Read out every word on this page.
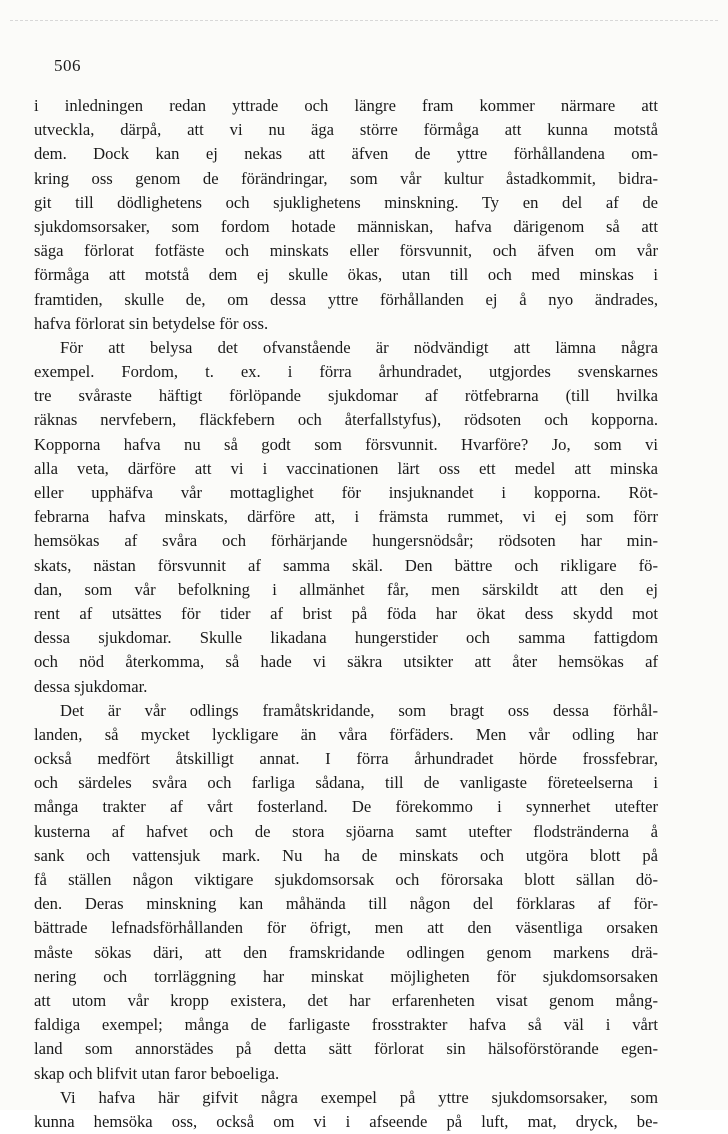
506
i inledningen redan yttrade och längre fram kommer närmare att
utveckla, därpå, att vi nu äga större förmåga att kunna motstå
dem. Dock kan ej nekas att äfven de yttre förhållandena om-
kring oss genom de förändringar, som vår kultur åstadkommit, bidra-
git till dödlighetens och sjuklighetens minskning. Ty en del af de
sjukdomsorsaker, som fordom hotade människan, hafva därigenom så att
säga förlorat fotfäste och minskats eller försvunnit, och äfven om vår
förmåga att motstå dem ej skulle ökas, utan till och med minskas i
framtiden, skulle de, om dessa yttre förhållanden ej å nyo ändrades,
hafva förlorat sin betydelse för oss.
För att belysa det ofvanstående är nödvändigt att lämna några
exempel. Fordom, t. ex. i förra århundradet, utgjordes svenskarnes
tre svåraste häftigt förlöpande sjukdomar af rötfebrarna (till hvilka
räknas nervfebern, fläckfebern och återfallstyfus), rödsoten och kopporna.
Kopporna hafva nu så godt som försvunnit. Hvarföre? Jo, som vi
alla veta, därföre att vi i vaccinationen lärt oss ett medel att minska
eller upphäfva vår mottaglighet för insjuknandet i kopporna. Röt-
febrarna hafva minskats, därföre att, i främsta rummet, vi ej som förr
hemsökas af svåra och förhärjande hungersnödsår; rödsoten har min-
skats, nästan försvunnit af samma skäl. Den bättre och rikligare fö-
dan, som vår befolkning i allmänhet får, men särskildt att den ej
rent af utsättes för tider af brist på föda har ökat dess skydd mot
dessa sjukdomar. Skulle likadana hungerstider och samma fattigdom
och nöd återkomma, så hade vi säkra utsikter att åter hemsökas af
dessa sjukdomar.
Det är vår odlings framåtskridande, som bragt oss dessa förhål-
landen, så mycket lyckligare än våra förfäders. Men vår odling har
också medfört åtskilligt annat. I förra århundradet hörde frossfebrar,
och särdeles svåra och farliga sådana, till de vanligaste företeelserna i
många trakter af vårt fosterland. De förekommo i synnerhet utefter
kusterna af hafvet och de stora sjöarna samt utefter flodstränderna å
sank och vattensjuk mark. Nu ha de minskats och utgöra blott på
få ställen någon viktigare sjukdomsorsak och förorsaka blott sällan dö-
den. Deras minskning kan måhända till någon del förklaras af för-
bättrade lefnadsförhållanden för öfrigt, men att den väsentliga orsaken
måste sökas däri, att den framskridande odlingen genom markens drä-
nering och torrläggning har minskat möjligheten för sjukdomsorsaken
att utom vår kropp existera, det har erfarenheten visat genom mång-
faldiga exempel; många de farligaste frosstrakter hafva så väl i vårt
land som annorstädes på detta sätt förlorat sin hälsoförstörande egen-
skap och blifvit utan faror beboeliga.
Vi hafva här gifvit några exempel på yttre sjukdomsorsaker, som
kunna hemsöka oss, också om vi i afseende på luft, mat, dryck, be-
